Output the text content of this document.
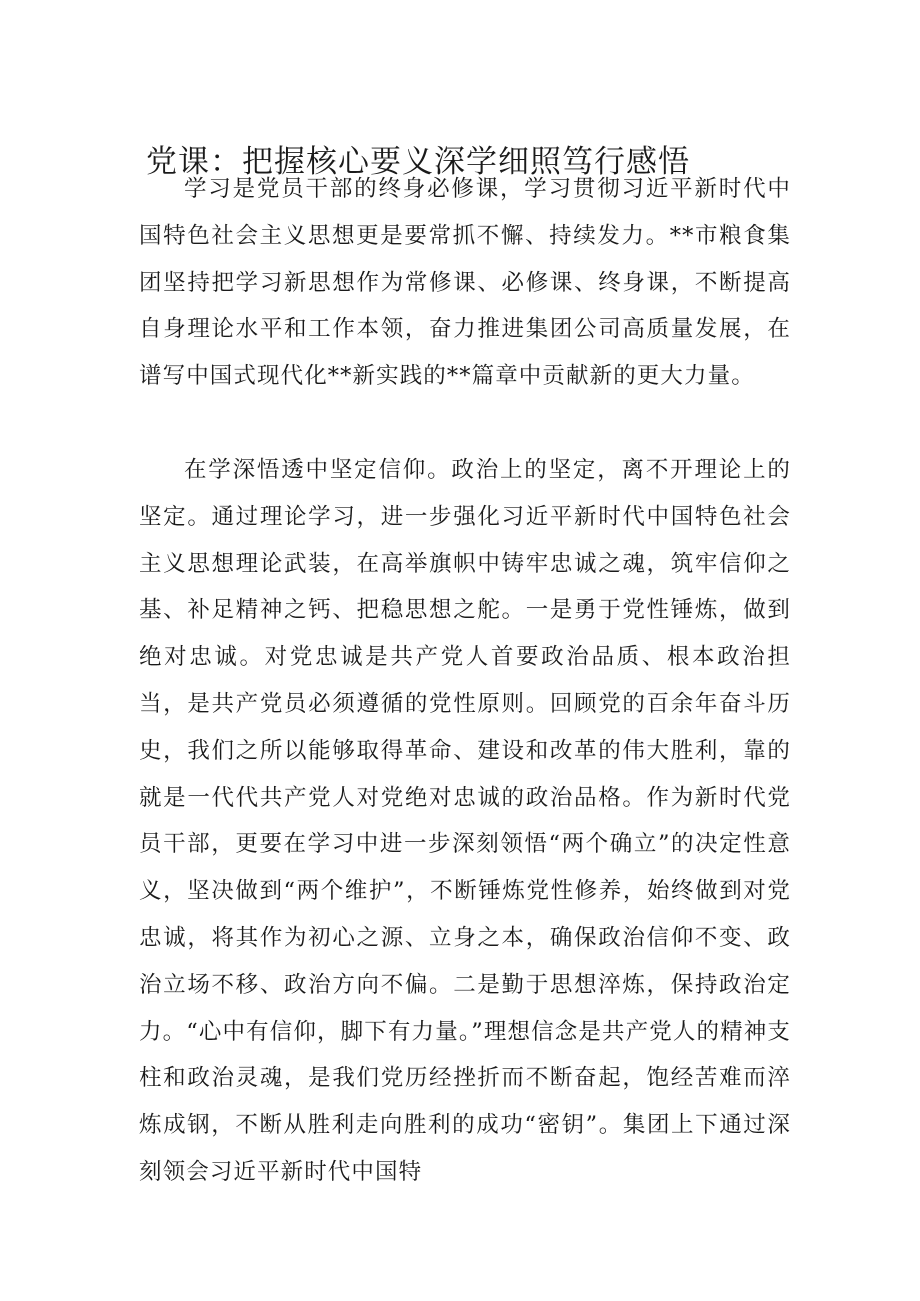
党课：把握核心要义深学细照笃行感悟

学习是党员干部的终身必修课，学习贯彻习近平新时代中国特色社会主义思想更是要常抓不懈、持续发力。**市粮食集团坚持把学习新思想作为常修课、必修课、终身课，不断提高自身理论水平和工作本领，奋力推进集团公司高质量发展，在谱写中国式现代化**新实践的**篇章中贡献新的更大力量。

在学深悟透中坚定信仰。政治上的坚定，离不开理论上的坚定。通过理论学习，进一步强化习近平新时代中国特色社会主义思想理论武装，在高举旗帜中铸牢忠诚之魂，筑牢信仰之基、补足精神之钙、把稳思想之舵。一是勇于党性锤炼，做到绝对忠诚。对党忠诚是共产党人首要政治品质、根本政治担当，是共产党员必须遵循的党性原则。回顾党的百余年奋斗历史，我们之所以能够取得革命、建设和改革的伟大胜利，靠的就是一代代共产党人对党绝对忠诚的政治品格。作为新时代党员干部，更要在学习中进一步深刻领悟“两个确立”的决定性意义，坚决做到“两个维护”，不断锤炼党性修养，始终做到对党忠诚，将其作为初心之源、立身之本，确保政治信仰不变、政治立场不移、政治方向不偏。二是勤于思想淬炼，保持政治定力。“心中有信仰，脚下有力量。”理想信念是共产党人的精神支柱和政治灵魂，是我们党历经挫折而不断奋起，饱经苦难而淬炼成钢，不断从胜利走向胜利的成功“密钥”。集团上下通过深刻领会习近平新时代中国特
